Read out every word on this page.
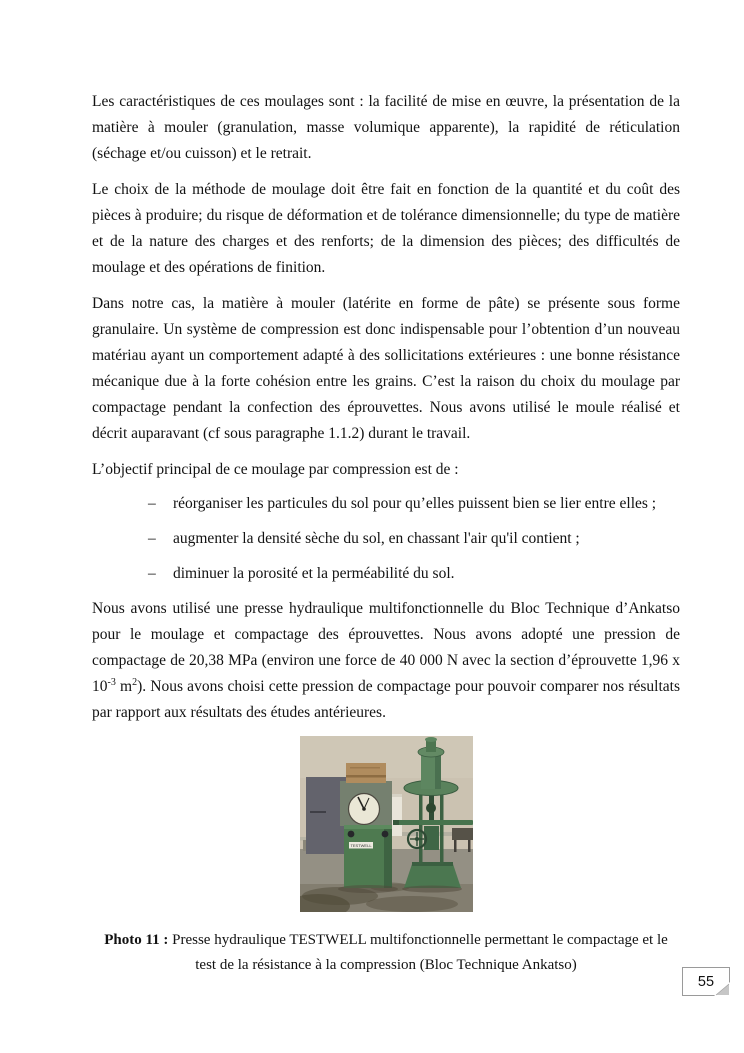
Les caractéristiques de ces moulages sont : la facilité de mise en œuvre, la présentation de la matière à mouler (granulation, masse volumique apparente), la rapidité de réticulation (séchage et/ou cuisson) et le retrait.

Le choix de la méthode de moulage doit être fait en fonction de la quantité et du coût des pièces à produire; du risque de déformation et de tolérance dimensionnelle; du type de matière et de la nature des charges et des renforts; de la dimension des pièces; des difficultés de moulage et des opérations de finition.

Dans notre cas, la matière à mouler (latérite en forme de pâte) se présente sous forme granulaire. Un système de compression est donc indispensable pour l’obtention d’un nouveau matériau ayant un comportement adapté à des sollicitations extérieures : une bonne résistance mécanique due à la forte cohésion entre les grains. C’est la raison du choix du moulage par compactage pendant la confection des éprouvettes. Nous avons utilisé le moule réalisé et décrit auparavant (cf sous paragraphe 1.1.2) durant le travail.

L’objectif principal de ce moulage par compression est de :

–	réorganiser les particules du sol pour qu’elles puissent bien se lier entre elles ;
–	augmenter la densité sèche du sol, en chassant l'air qu'il contient ;
–	diminuer la porosité et la perméabilité du sol.

Nous avons utilisé une presse hydraulique multifonctionnelle du Bloc Technique d’Ankatso pour le moulage et compactage des éprouvettes. Nous avons adopté une pression de compactage de 20,38 MPa (environ une force de 40 000 N avec la section d’éprouvette 1,96 x $10^{-3}$ $m^2$). Nous avons choisi cette pression de compactage pour pouvoir comparer nos résultats par rapport aux résultats des études antérieures.

TESTWELL

Photo 11 : Presse hydraulique TESTWELL multifonctionnelle permettant le compactage et le test de la résistance à la compression (Bloc Technique Ankatso)

55
